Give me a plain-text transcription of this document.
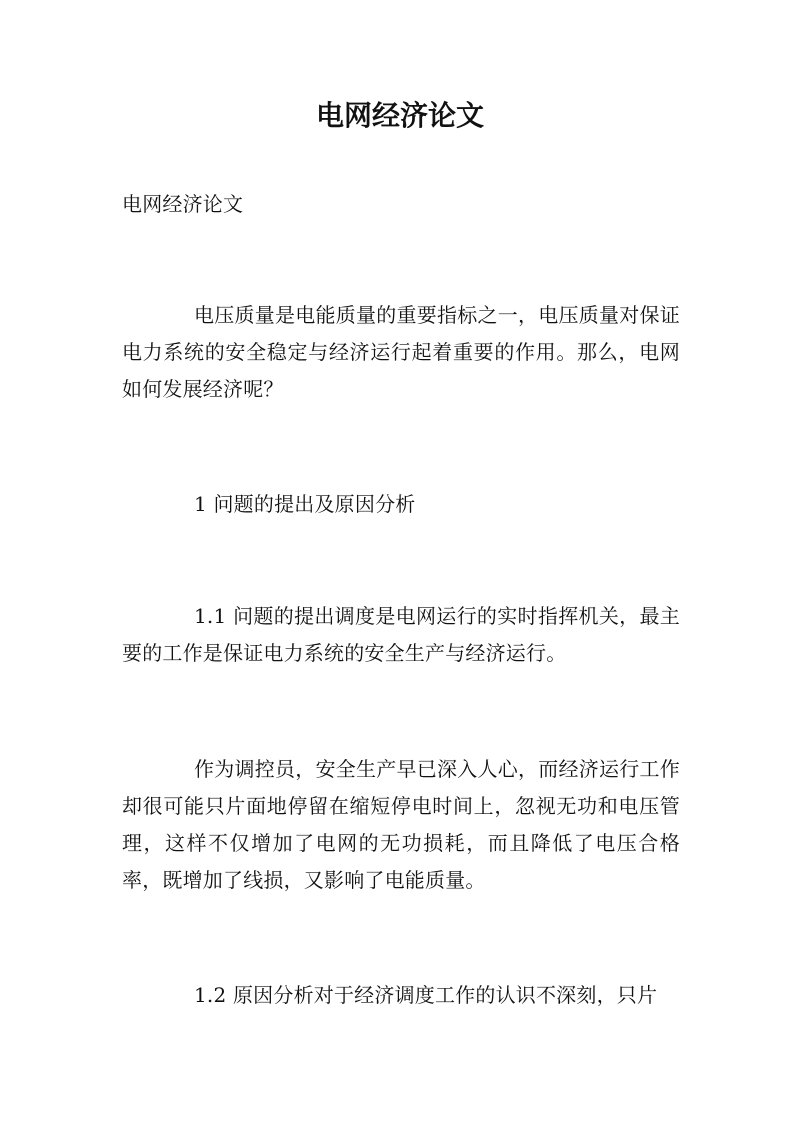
电网经济论文

电网经济论文

电压质量是电能质量的重要指标之一，电压质量对保证电力系统的安全稳定与经济运行起着重要的作用。那么，电网如何发展经济呢？

1 问题的提出及原因分析

1.1 问题的提出调度是电网运行的实时指挥机关，最主要的工作是保证电力系统的安全生产与经济运行。

作为调控员，安全生产早已深入人心，而经济运行工作却很可能只片面地停留在缩短停电时间上，忽视无功和电压管理，这样不仅增加了电网的无功损耗，而且降低了电压合格率，既增加了线损，又影响了电能质量。

1.2 原因分析对于经济调度工作的认识不深刻，只片
